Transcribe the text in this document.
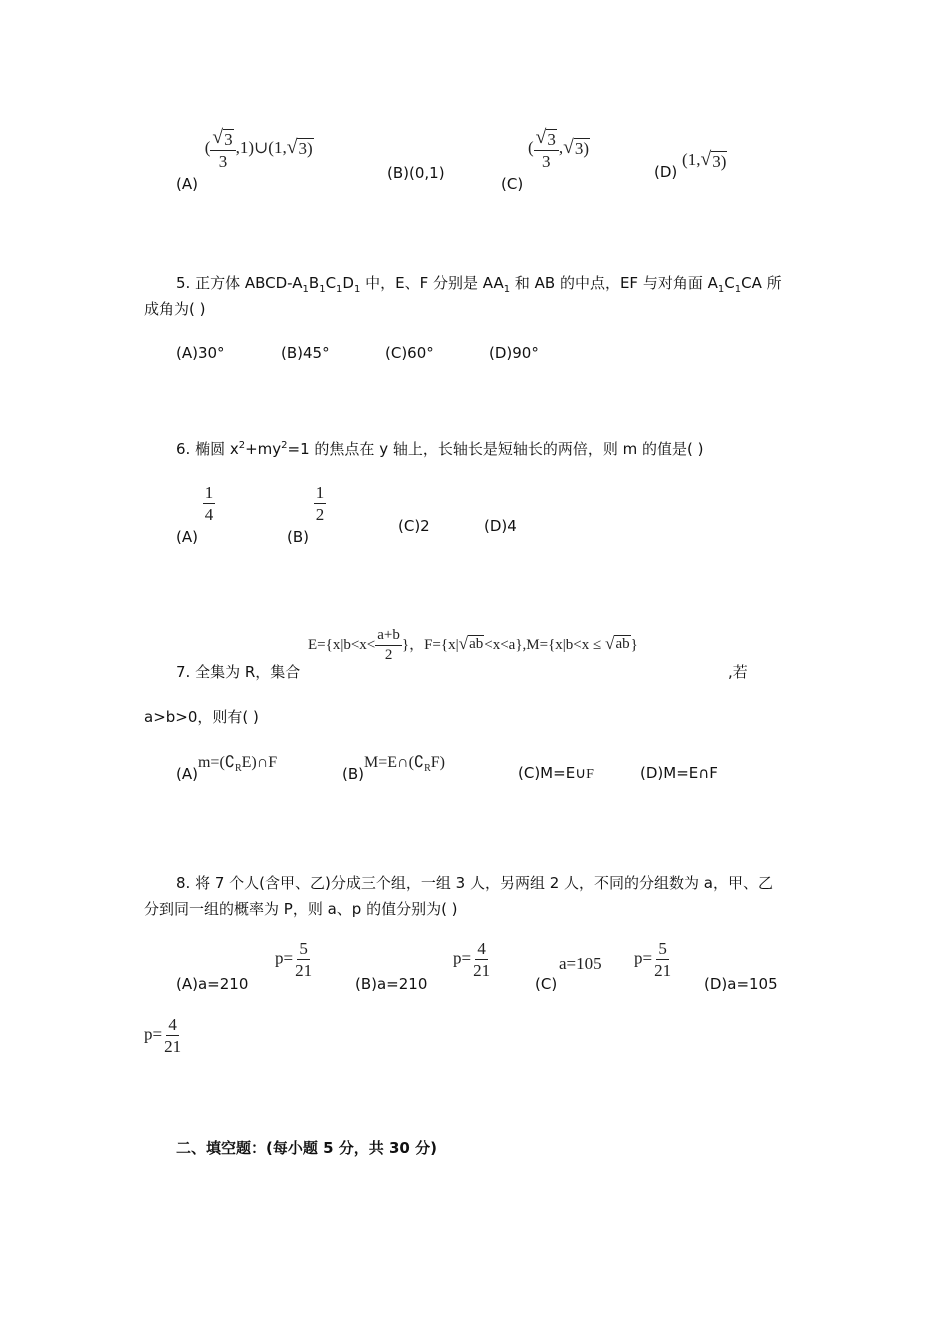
(A) ( $\frac{√ 3}{3}$ ,1)∪(1, √ 3)
(B)(0,1)
(C) ( $\frac{√ 3}{3}$ , √ 3)
(D) (1, √ 3)
5. 正方体 ABCD-$A_1B_1C_1D_1$ 中，E、F 分别是 $AA_1$ 和 AB 的中点，EF 与对角面 $A_1C_1CA$ 所
成角为( )
(A)30°	(B)45°	(C)60°	(D)90°
6. 椭圆 $x^2+my^2=1$ 的焦点在 y 轴上，长轴长是短轴长的两倍，则 m 的值是( )
(A)
$\frac{1}{4}$
(B)
$\frac{1}{2}$
(C)2	(D)4
7. 全集为 R，集合
$E=\{x|b<x< \frac{a+b}{2}$ }，F={x| √ ab <x<a},M={x|b<x ≤ √ ab }
,若
a>b>0，则有( )
$(A)m=(∁_RE)\cap F$
$(B)M=E\cap(∁_RF)$
(C)M=E∪F	(D)M=E∩F
8. 将 7 个人(含甲、乙)分成三个组，一组 3 人，另两组 2 人，不同的分组数为 a，甲、乙
分到同一组的概率为 P，则 a、p 的值分别为( )
(A)a=210
$p= \frac{5}{21}$
(B)a=210
$p= \frac{4}{21}$
(C)
a=105 $p= \frac{5}{21}$
(D)a=105
$p= \frac{4}{21}$
二、填空题：(每小题 5 分，共 30 分)
